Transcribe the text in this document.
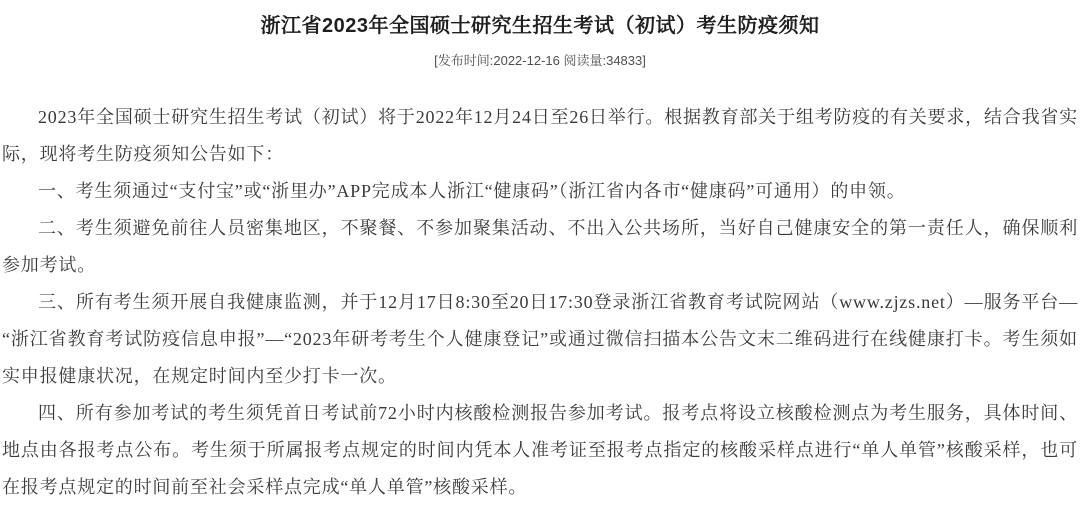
浙江省2023年全国硕士研究生招生考试（初试）考生防疫须知
[发布时间:2022-12-16 阅读量:34833]

2023年全国硕士研究生招生考试（初试）将于2022年12月24日至26日举行。根据教育部关于组考防疫的有关要求，结合我省实际，现将考生防疫须知公告如下：

一、考生须通过“支付宝”或“浙里办”APP完成本人浙江“健康码”（浙江省内各市“健康码”可通用）的申领。

二、考生须避免前往人员密集地区，不聚餐、不参加聚集活动、不出入公共场所，当好自己健康安全的第一责任人，确保顺利参加考试。

三、所有考生须开展自我健康监测，并于12月17日8:30至20日17:30登录浙江省教育考试院网站（www.zjzs.net）—服务平台—“浙江省教育考试防疫信息申报”—“2023年研考考生个人健康登记”或通过微信扫描本公告文末二维码进行在线健康打卡。考生须如实申报健康状况，在规定时间内至少打卡一次。

四、所有参加考试的考生须凭首日考试前72小时内核酸检测报告参加考试。报考点将设立核酸检测点为考生服务，具体时间、地点由各报考点公布。考生须于所属报考点规定的时间内凭本人准考证至报考点指定的核酸采样点进行“单人单管”核酸采样，也可在报考点规定的时间前至社会采样点完成“单人单管”核酸采样。
